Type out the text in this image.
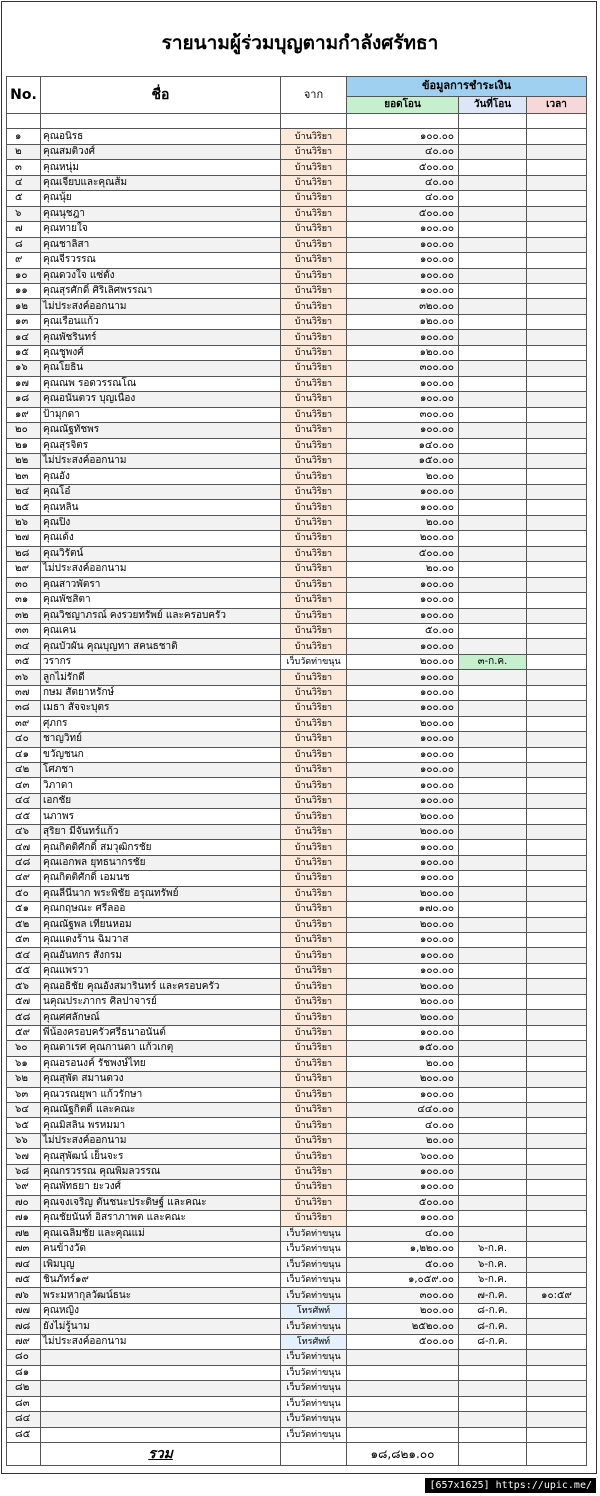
รายนามผู้ร่วมบุญตามกำลังศรัทธา
No.	ชื่อ	จาก	ข้อมูลการชำระเงิน		
			ยอดโอน	วันที่โอน	เวลา

๑	คุณอนิรธ	บ้านวิริยา	๑๐๐.๐๐		
๒	คุณสมติวงศ์	บ้านวิริยา	๔๐.๐๐		
๓	คุณหนุ่ม	บ้านวิริยา	๕๐๐.๐๐		
๔	คุณเจียบและคุณส้ม	บ้านวิริยา	๔๐.๐๐		
๕	คุณนุ้ย	บ้านวิริยา	๔๐.๐๐		
๖	คุณนุชฎา	บ้านวิริยา	๕๐๐.๐๐		
๗	คุณทายใจ	บ้านวิริยา	๑๐๐.๐๐		
๘	คุณชาลิสา	บ้านวิริยา	๑๐๐.๐๐		
๙	คุณจีรวรรณ	บ้านวิริยา	๑๐๐.๐๐		
๑๐	คุณดวงใจ แซ่ตั้ง	บ้านวิริยา	๑๐๐.๐๐		
๑๑	คุณสุรศักดิ์ ศิริเลิศพรรณา	บ้านวิริยา	๑๐๐.๐๐		
๑๒	ไม่ประสงค์ออกนาม	บ้านวิริยา	๓๒๐.๐๐		
๑๓	คุณเรือนแก้ว	บ้านวิริยา	๑๒๐.๐๐		
๑๔	คุณพัชรินทร์	บ้านวิริยา	๑๐๐.๐๐		
๑๕	คุณชูพงศ์	บ้านวิริยา	๑๒๐.๐๐		
๑๖	คุณโยธิน	บ้านวิริยา	๓๐๐.๐๐		
๑๗	คุณณพ รอดวรรณโณ	บ้านวิริยา	๑๐๐.๐๐		
๑๘	คุณอนันตวร บุญเนื่อง	บ้านวิริยา	๑๐๐.๐๐		
๑๙	ป้ามุกดา	บ้านวิริยา	๓๐๐.๐๐		
๒๐	คุณณัฐทัชพร	บ้านวิริยา	๑๐๐.๐๐		
๒๑	คุณสุรจิตร	บ้านวิริยา	๑๔๐.๐๐		
๒๒	ไม่ประสงค์ออกนาม	บ้านวิริยา	๑๕๐.๐๐		
๒๓	คุณอัง	บ้านวิริยา	๒๐.๐๐		
๒๔	คุณโอ๋	บ้านวิริยา	๑๐๐.๐๐		
๒๕	คุณหลิน	บ้านวิริยา	๑๐๐.๐๐		
๒๖	คุณปิง	บ้านวิริยา	๒๐.๐๐		
๒๗	คุณเด้ง	บ้านวิริยา	๒๐๐.๐๐		
๒๘	คุณวิรัตน์	บ้านวิริยา	๕๐๐.๐๐		
๒๙	ไม่ประสงค์ออกนาม	บ้านวิริยา	๒๐.๐๐		
๓๐	คุณสาวพัตรา	บ้านวิริยา	๑๐๐.๐๐		
๓๑	คุณพัชสิตา	บ้านวิริยา	๑๐๐.๐๐		
๓๒	คุณวิชญาภรณ์ คงรวยทรัพย์ และครอบครัว	บ้านวิริยา	๑๐๐.๐๐		
๓๓	คุณเคน	บ้านวิริยา	๕๐.๐๐		
๓๔	คุณบัวผัน คุณบุญทา สคนธชาติ	บ้านวิริยา	๑๐๐.๐๐		
๓๕	วรากร	เว็บวัดท่าขนุน	๒๐๐.๐๐	๓-ก.ค.	
๓๖	ลูกไม่รักดี	บ้านวิริยา	๑๐๐.๐๐		
๓๗	กษม สัตยาหรักษ์	บ้านวิริยา	๑๐๐.๐๐		
๓๘	เมธา สัจจะบุตร	บ้านวิริยา	๑๐๐.๐๐		
๓๙	ศุภกร	บ้านวิริยา	๒๐๐.๐๐		
๔๐	ชาญวิทย์	บ้านวิริยา	๑๐๐.๐๐		
๔๑	ขวัญชนก	บ้านวิริยา	๑๐๐.๐๐		
๔๒	โศภชา	บ้านวิริยา	๑๐๐.๐๐		
๔๓	วิภาดา	บ้านวิริยา	๑๐๐.๐๐		
๔๔	เอกชัย	บ้านวิริยา	๑๐๐.๐๐		
๔๕	นภาพร	บ้านวิริยา	๒๐๐.๐๐		
๔๖	สุริยา มีจันทร์แก้ว	บ้านวิริยา	๒๐๐.๐๐		
๔๗	คุณกิตติศักดิ์ สมวุฒิกรชัย	บ้านวิริยา	๑๐๐.๐๐		
๔๘	คุณเอกพล ยุทธนากรชัย	บ้านวิริยา	๑๐๐.๐๐		
๔๙	คุณกิตติศักดิ์ เอมนช	บ้านวิริยา	๑๐๐.๐๐		
๕๐	คุณลีนีนาก พระพิชัย อรุณทรัพย์	บ้านวิริยา	๒๐๐.๐๐		
๕๑	คุณกฤษณะ ศรีลออ	บ้านวิริยา	๑๗๐.๐๐		
๕๒	คุณณัฐพล เทียนหอม	บ้านวิริยา	๒๐๐.๐๐		
๕๓	คุณแดงร้าน ฉิมวาส	บ้านวิริยา	๑๐๐.๐๐		
๕๔	คุณอันทกร สังกรม	บ้านวิริยา	๑๐๐.๐๐		
๕๕	คุณแพรวา	บ้านวิริยา	๑๐๐.๐๐		
๕๖	คุณอธิชัย คุณอังสมารินทร์ และครอบครัว	บ้านวิริยา	๒๐๐.๐๐		
๕๗	นคุณประภากร ศิลปาจารย์	บ้านวิริยา	๒๐๐.๐๐		
๕๘	คุณศศลักษณ์	บ้านวิริยา	๒๐๐.๐๐		
๕๙	พี่น้องครอบครัวศรีธนาอนันต์	บ้านวิริยา	๑๐๐.๐๐		
๖๐	คุณดาเรศ คุณกานดา แก้วเกตุ	บ้านวิริยา	๑๕๐.๐๐		
๖๑	คุณอรอนงค์ รัชพงษ์ไทย	บ้านวิริยา	๒๐.๐๐		
๖๒	คุณสุพัต สมานดวง	บ้านวิริยา	๒๐๐.๐๐		
๖๓	คุณวรณยุพา แก้วรักษา	บ้านวิริยา	๑๐๐.๐๐		
๖๔	คุณณัฐกิตติ์ และคณะ	บ้านวิริยา	๔๔๐.๐๐		
๖๕	คุณมิสลิน พรหมมา	บ้านวิริยา	๔๐.๐๐		
๖๖	ไม่ประสงค์ออกนาม	บ้านวิริยา	๒๐.๐๐		
๖๗	คุณสุพัฒน์ เย็นจะร	บ้านวิริยา	๖๐๐.๐๐		
๖๘	คุณกรวรรณ คุณพิมลวรรณ	บ้านวิริยา	๑๐๐.๐๐		
๖๙	คุณพัทธยา ยะวงศ์	บ้านวิริยา	๑๐๐.๐๐		
๗๐	คุณจงเจริญ ตันชนะประดิษฐ์ และคณะ	บ้านวิริยา	๕๐๐.๐๐		
๗๑	คุณชัยนันท์ อิสราภาพต และคณะ	บ้านวิริยา	๑๐๐.๐๐		
๗๒	คุณเฉลิมชัย และคุณแม่	เว็บวัดท่าขนุน	๔๐.๐๐		
๗๓	คนข้างวัด	เว็บวัดท่าขนุน	๑,๒๒๐.๐๐	๖-ก.ค.	
๗๔	เพิ่มบุญ	เว็บวัดท่าขนุน	๕๐.๐๐	๖-ก.ค.	
๗๕	ชินภัทร์๑๙	เว็บวัดท่าขนุน	๑,๐๕๙.๐๐	๖-ก.ค.	
๗๖	พระมหากุลวัฒน์ธนะ	เว็บวัดท่าขนุน	๓๐๐.๐๐	๗-ก.ค.	๑๐:๕๙
๗๗	คุณหญิง	โทรศัพท์	๒๐๐.๐๐	๘-ก.ค.	
๗๘	ยังไม่รู้นาม	เว็บวัดท่าขนุน	๒๕๒๐.๐๐	๘-ก.ค.	
๗๙	ไม่ประสงค์ออกนาม	โทรศัพท์	๕๐๐.๐๐	๘-ก.ค.	
๘๐		เว็บวัดท่าขนุน			
๘๑		เว็บวัดท่าขนุน			
๘๒		เว็บวัดท่าขนุน			
๘๓		เว็บวัดท่าขนุน			
๘๔		เว็บวัดท่าขนุน			
๘๕		เว็บวัดท่าขนุน			
	รวม		๑๘,๘๒๑.๐๐		
[657x1625] https://upic.me/
